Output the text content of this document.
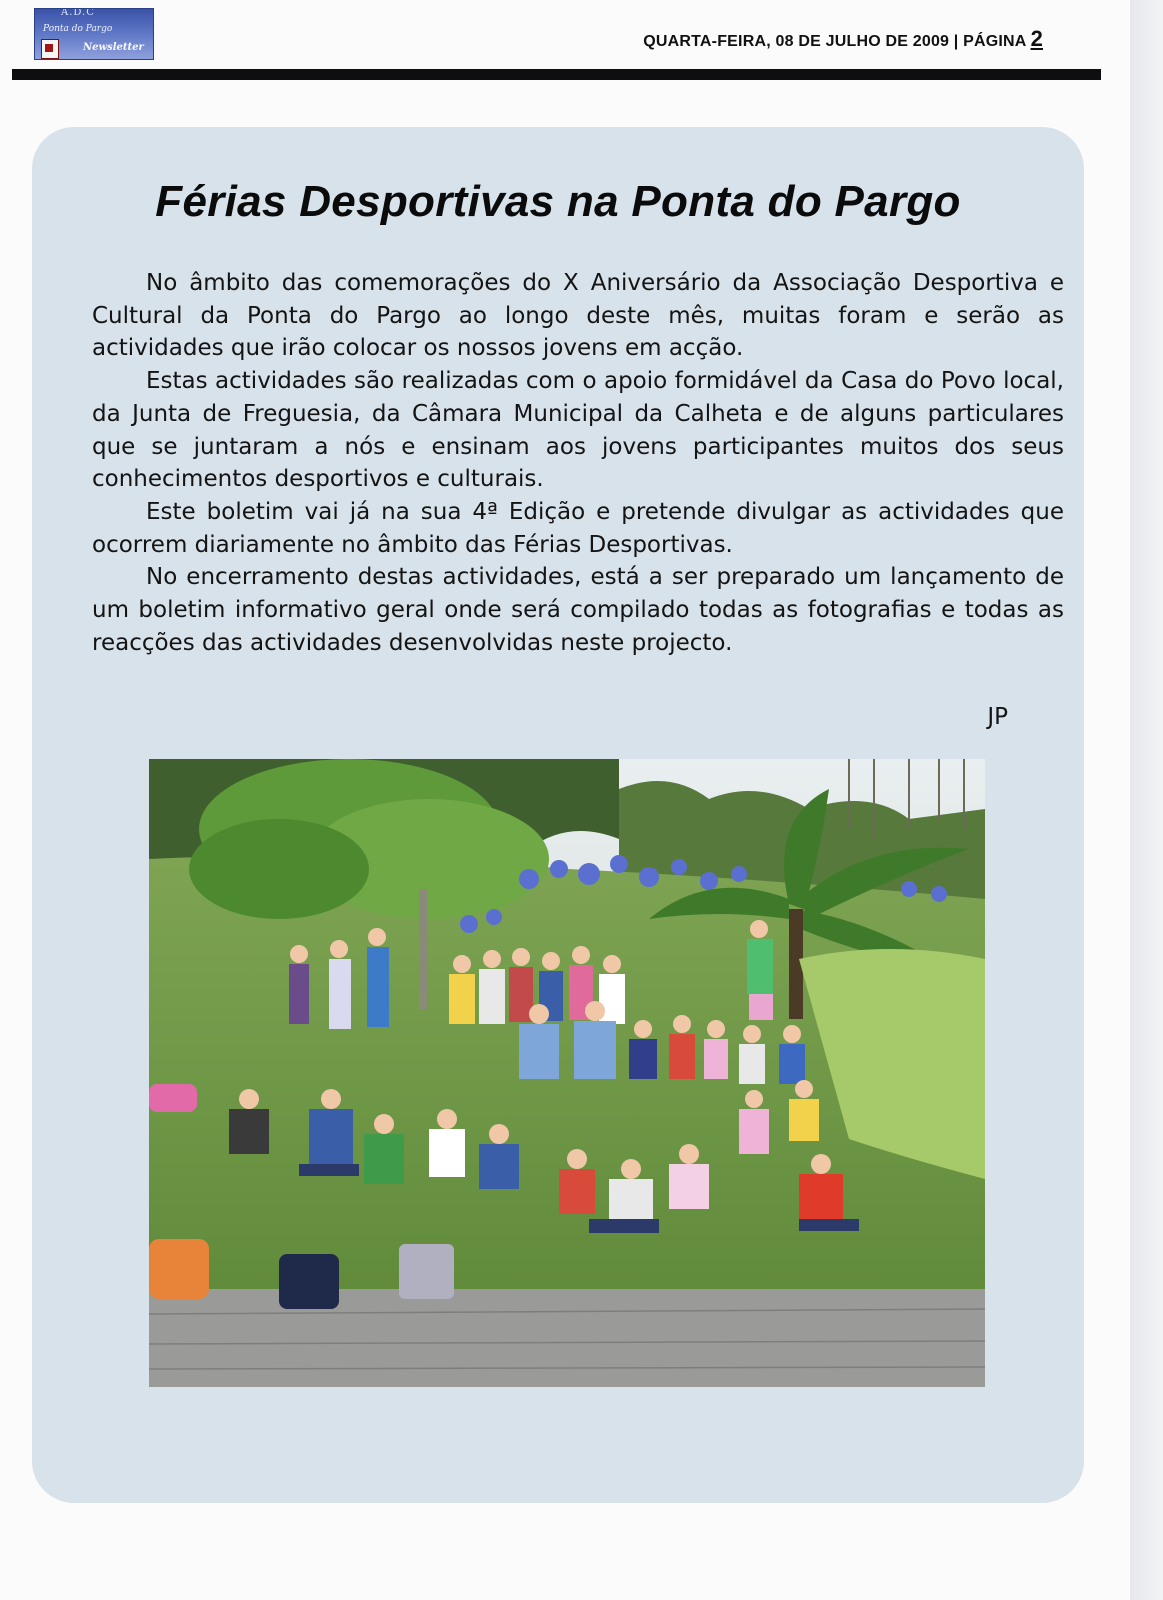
A.D.C
Ponta do Pargo
Newsletter	QUARTA-FEIRA, 08 DE JULHO DE 2009 | PÁGINA 2
Férias Desportivas na Ponta do Pargo

No âmbito das comemorações do X Aniversário da Associação Desportiva e Cultural da Ponta do Pargo ao longo deste mês, muitas foram e serão as actividades que irão colocar os nossos jovens em acção.

Estas actividades são realizadas com o apoio formidável da Casa do Povo local, da Junta de Freguesia, da Câmara Municipal da Calheta e de alguns particulares que se juntaram a nós e ensinam aos jovens participantes muitos dos seus conhecimentos desportivos e culturais.

Este boletim vai já na sua 4ª Edição e pretende divulgar as actividades que ocorrem diariamente no âmbito das Férias Desportivas.

No encerramento destas actividades, está a ser preparado um lançamento de um boletim informativo geral onde será compilado todas as fotografias e todas as reacções das actividades desenvolvidas neste projecto.

JP
